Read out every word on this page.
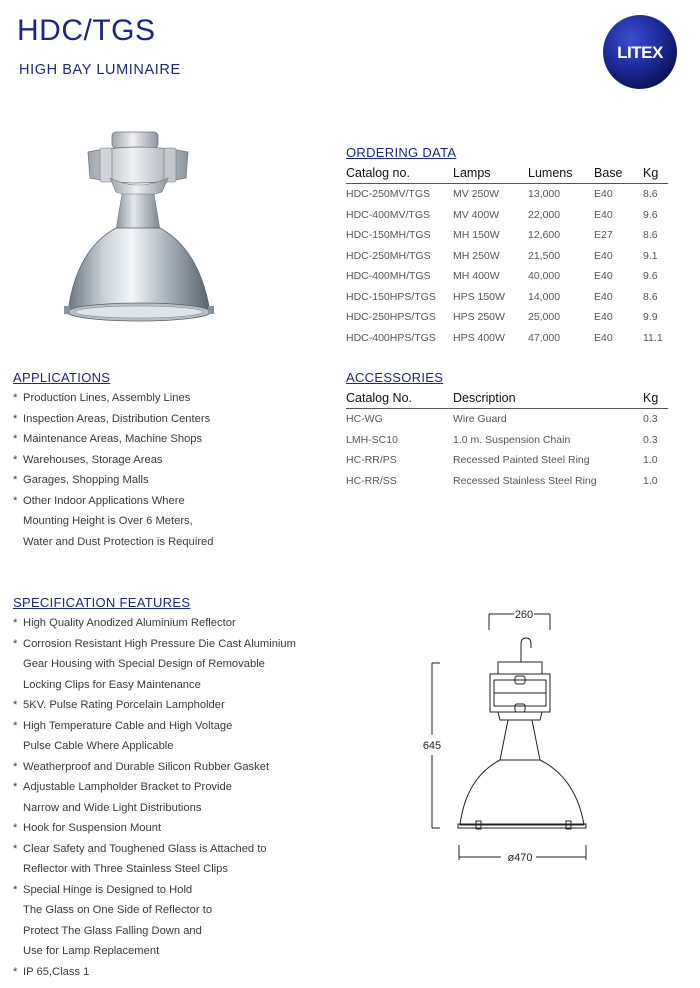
HDC/TGS

HIGH BAY LUMINAIRE

LITEX
ORDERING DATA
Catalog no.	Lamps	Lumens	Base	Kg
HDC-250MV/TGS	MV 250W	13,000	E40	8.6
HDC-400MV/TGS	MV 400W	22,000	E40	9.6
HDC-150MH/TGS	MH 150W	12,600	E27	8.6
HDC-250MH/TGS	MH 250W	21,500	E40	9.1
HDC-400MH/TGS	MH 400W	40,000	E40	9.6
HDC-150HPS/TGS	HPS 150W	14,000	E40	8.6
HDC-250HPS/TGS	HPS 250W	25,000	E40	9.9
HDC-400HPS/TGS	HPS 400W	47,000	E40	11.1
APPLICATIONS
* Production Lines, Assembly Lines
* Inspection Areas, Distribution Centers
* Maintenance Areas, Machine Shops
* Warehouses, Storage Areas
* Garages, Shopping Malls
* Other Indoor Applications Where
Mounting Height is Over 6 Meters,
Water and Dust Protection is Required
ACCESSORIES
Catalog No.	Description	Kg
HC-WG	Wire Guard	0.3
LMH-SC10	1.0 m. Suspension Chain	0.3
HC-RR/PS	Recessed Painted Steel Ring	1.0
HC-RR/SS	Recessed Stainless Steel Ring	1.0
SPECIFICATION FEATURES
* High Quality Anodized Aluminium Reflector
* Corrosion Resistant High Pressure Die Cast Aluminium
Gear Housing with Special Design of Removable
Locking Clips for Easy Maintenance
* 5KV. Pulse Rating Porcelain Lampholder
* High Temperature Cable and High Voltage
Pulse Cable Where Applicable
* Weatherproof and Durable Silicon Rubber Gasket
* Adjustable Lampholder Bracket to Provide
Narrow and Wide Light Distributions
* Hook for Suspension Mount
* Clear Safety and Toughened Glass is Attached to
Reflector with Three Stainless Steel Clips
* Special Hinge is Designed to Hold
The Glass on One Side of Reflector to
Protect The Glass Falling Down and
Use for Lamp Replacement
* IP 65,Class 1
260
645
ø470
